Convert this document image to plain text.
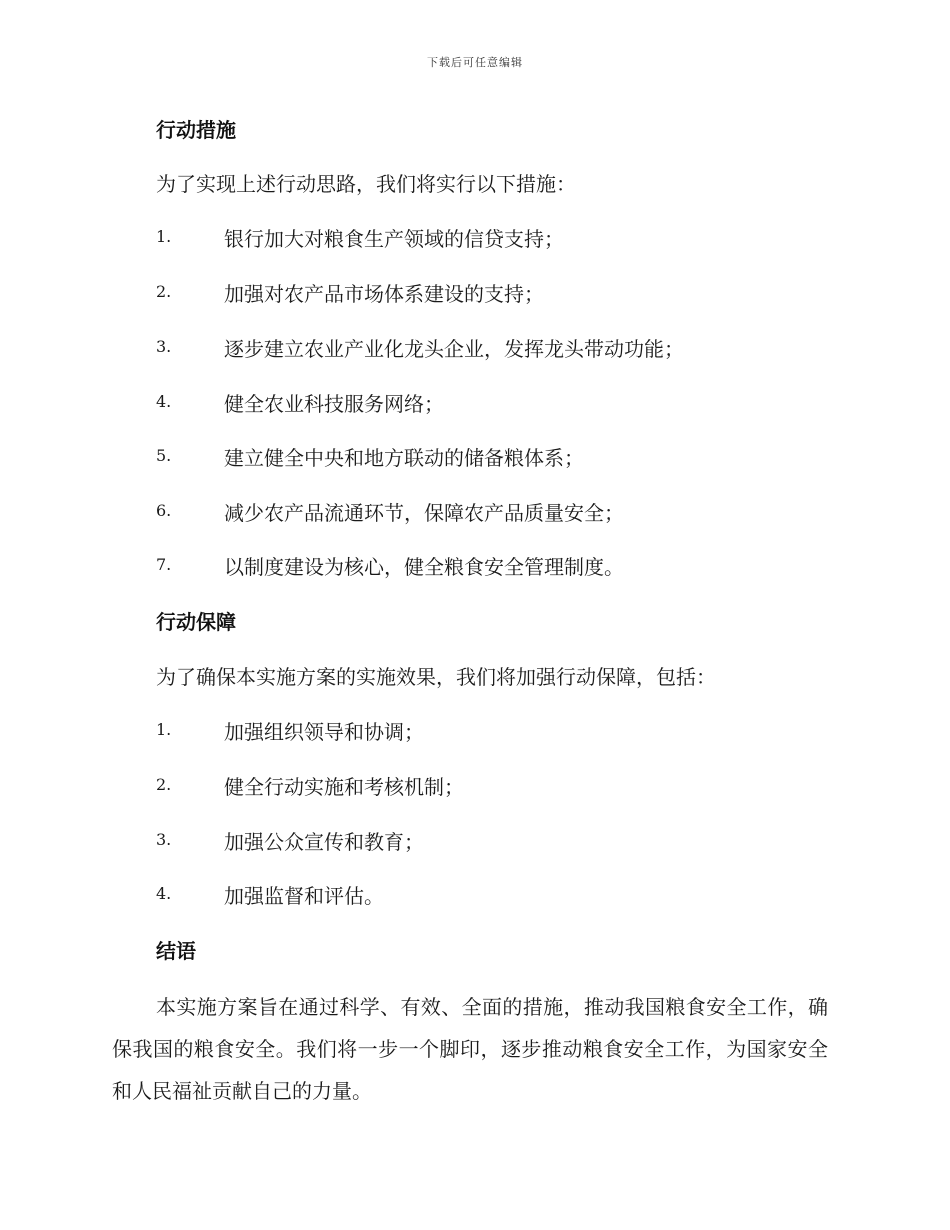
下载后可任意编辑
行动措施
为了实现上述行动思路，我们将实行以下措施：
1.	银行加大对粮食生产领域的信贷支持；
2.	加强对农产品市场体系建设的支持；
3.	逐步建立农业产业化龙头企业，发挥龙头带动功能；
4.	健全农业科技服务网络；
5.	建立健全中央和地方联动的储备粮体系；
6.	减少农产品流通环节，保障农产品质量安全；
7.	以制度建设为核心，健全粮食安全管理制度。
行动保障
为了确保本实施方案的实施效果，我们将加强行动保障，包括：
1.	加强组织领导和协调；
2.	健全行动实施和考核机制；
3.	加强公众宣传和教育；
4.	加强监督和评估。
结语
本实施方案旨在通过科学、有效、全面的措施，推动我国粮食安全工作，确保我国的粮食安全。我们将一步一个脚印，逐步推动粮食安全工作，为国家安全和人民福祉贡献自己的力量。
